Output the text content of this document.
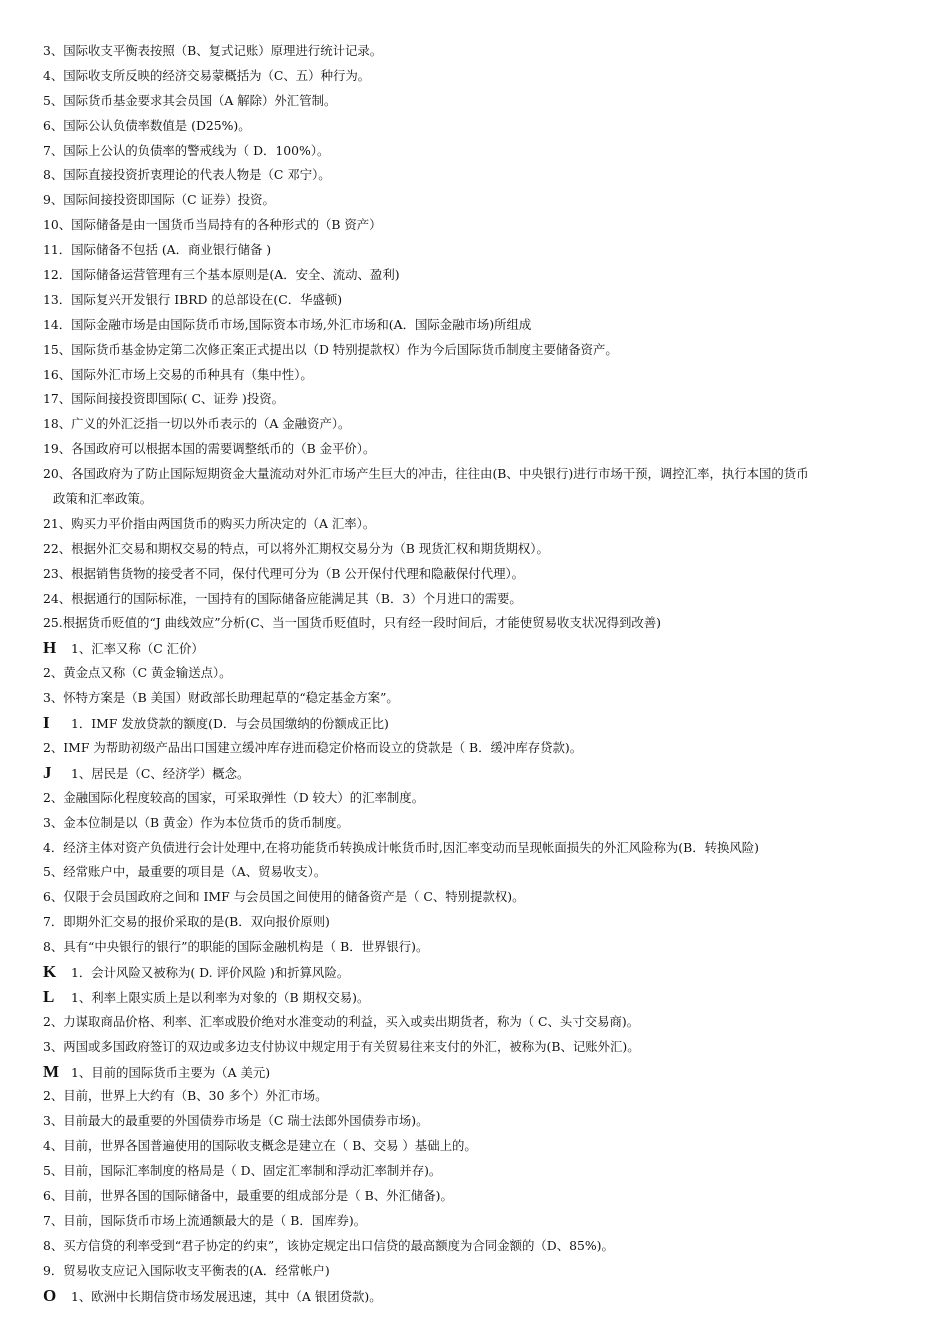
3、国际收支平衡表按照（B、复式记账）原理进行统计记录。
4、国际收支所反映的经济交易蒙概括为（C、五）种行为。
5、国际货币基金要求其会员国（A 解除）外汇管制。
6、国际公认负债率数值是 (D25%)。
7、国际上公认的负债率的警戒线为（ D．100%）。
8、国际直接投资折衷理论的代表人物是（C 邓宁）。
9、国际间接投资即国际（C 证券）投资。
10、国际储备是由一国货币当局持有的各种形式的（B 资产）
11．国际储备不包括 (A．商业银行储备 )
12．国际储备运营管理有三个基本原则是(A．安全、流动、盈利)
13．国际复兴开发银行 IBRD 的总部设在(C．华盛顿)
14．国际金融市场是由国际货币市场,国际资本市场,外汇市场和(A．国际金融市场)所组成
15、国际货币基金协定第二次修正案正式提出以（D 特别提款权）作为今后国际货币制度主要储备资产。
16、国际外汇市场上交易的币种具有（集中性）。
17、国际间接投资即国际( C、证券 )投资。
18、广义的外汇泛指一切以外币表示的（A 金融资产）。
19、各国政府可以根据本国的需要调整纸币的（B 金平价）。
20、各国政府为了防止国际短期资金大量流动对外汇市场产生巨大的冲击，往往由(B、中央银行)进行市场干预，调控汇率，执行本国的货币
政策和汇率政策。
21、购买力平价指由两国货币的购买力所决定的（A 汇率）。
22、根据外汇交易和期权交易的特点，可以将外汇期权交易分为（B 现货汇权和期货期权）。
23、根据销售货物的接受者不同，保付代理可分为（B 公开保付代理和隐蔽保付代理）。
24、根据通行的国际标准，一国持有的国际储备应能满足其（B．3）个月进口的需要。
25.根据货币贬值的“J 曲线效应”分析(C、当一国货币贬值时，只有经一段时间后，才能使贸易收支状况得到改善)
H 1、汇率又称（C 汇价）
2、黄金点又称（C 黄金输送点）。
3、怀特方案是（B 美国）财政部长助理起草的“稳定基金方案”。
I 1．IMF 发放贷款的额度(D．与会员国缴纳的份额成正比)
2、IMF 为帮助初级产品出口国建立缓冲库存进而稳定价格而设立的贷款是（ B．缓冲库存贷款)。
J 1、居民是（C、经济学）概念。
2、金融国际化程度较高的国家，可采取弹性（D 较大）的汇率制度。
3、金本位制是以（B 黄金）作为本位货币的货币制度。
4．经济主体对资产负债进行会计处理中,在将功能货币转换成计帐货币时,因汇率变动而呈现帐面损失的外汇风险称为(B．转换风险)
5、经常账户中，最重要的项目是（A、贸易收支）。
6、仅限于会员国政府之间和 IMF 与会员国之间使用的储备资产是（ C、特别提款权)。
7．即期外汇交易的报价采取的是(B．双向报价原则)
8、具有“中央银行的银行”的职能的国际金融机构是（ B．世界银行)。
K 1．会计风险又被称为( D. 评价风险 )和折算风险。
L 1、利率上限实质上是以利率为对象的（B 期权交易)。
2、力谋取商品价格、利率、汇率或股价绝对水准变动的利益，买入或卖出期货者，称为（ C、头寸交易商)。
3、两国或多国政府签订的双边或多边支付协议中规定用于有关贸易往来支付的外汇，被称为(B、记账外汇)。
M 1、目前的国际货币主要为（A 美元)
2、目前，世界上大约有（B、30 多个）外汇市场。
3、目前最大的最重要的外国债券市场是（C 瑞士法郎外国债券市场)。
4、目前，世界各国普遍使用的国际收支概念是建立在（ B、交易 ）基础上的。
5、目前，国际汇率制度的格局是（ D、固定汇率制和浮动汇率制并存)。
6、目前，世界各国的国际储备中，最重要的组成部分是（ B、外汇储备)。
7、目前，国际货币市场上流通额最大的是（ B．国库券)。
8、买方信贷的利率受到“君子协定的约束”，该协定规定出口信贷的最高额度为合同金额的（D、85%)。
9．贸易收支应记入国际收支平衡表的(A．经常帐户)
O 1、欧洲中长期信贷市场发展迅速，其中（A 银团贷款)。
